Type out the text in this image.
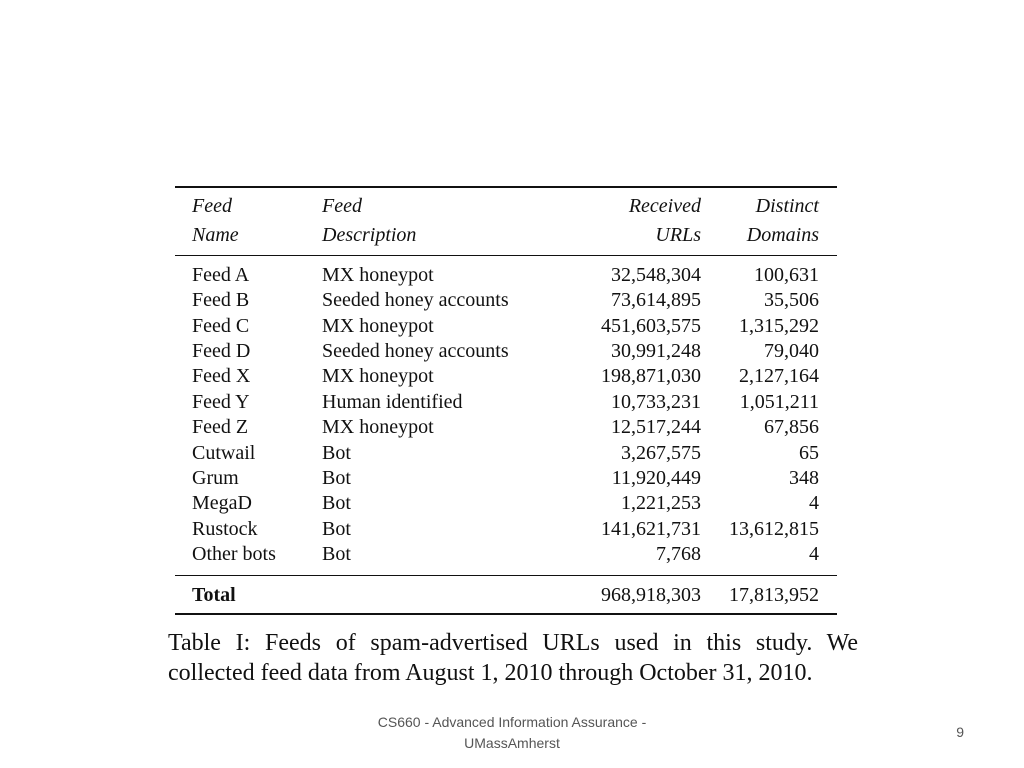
Feed	Feed	Received	Distinct
Name	Description	URLs	Domains
Feed A	MX honeypot	32,548,304	100,631
Feed B	Seeded honey accounts	73,614,895	35,506
Feed C	MX honeypot	451,603,575	1,315,292
Feed D	Seeded honey accounts	30,991,248	79,040
Feed X	MX honeypot	198,871,030	2,127,164
Feed Y	Human identified	10,733,231	1,051,211
Feed Z	MX honeypot	12,517,244	67,856
Cutwail	Bot	3,267,575	65
Grum	Bot	11,920,449	348
MegaD	Bot	1,221,253	4
Rustock	Bot	141,621,731	13,612,815
Other bots	Bot	7,768	4
Total		968,918,303	17,813,952
Table I: Feeds of spam-advertised URLs used in this study. We collected feed data from August 1, 2010 through October 31, 2010.
CS660 - Advanced Information Assurance -
UMassAmherst
9
